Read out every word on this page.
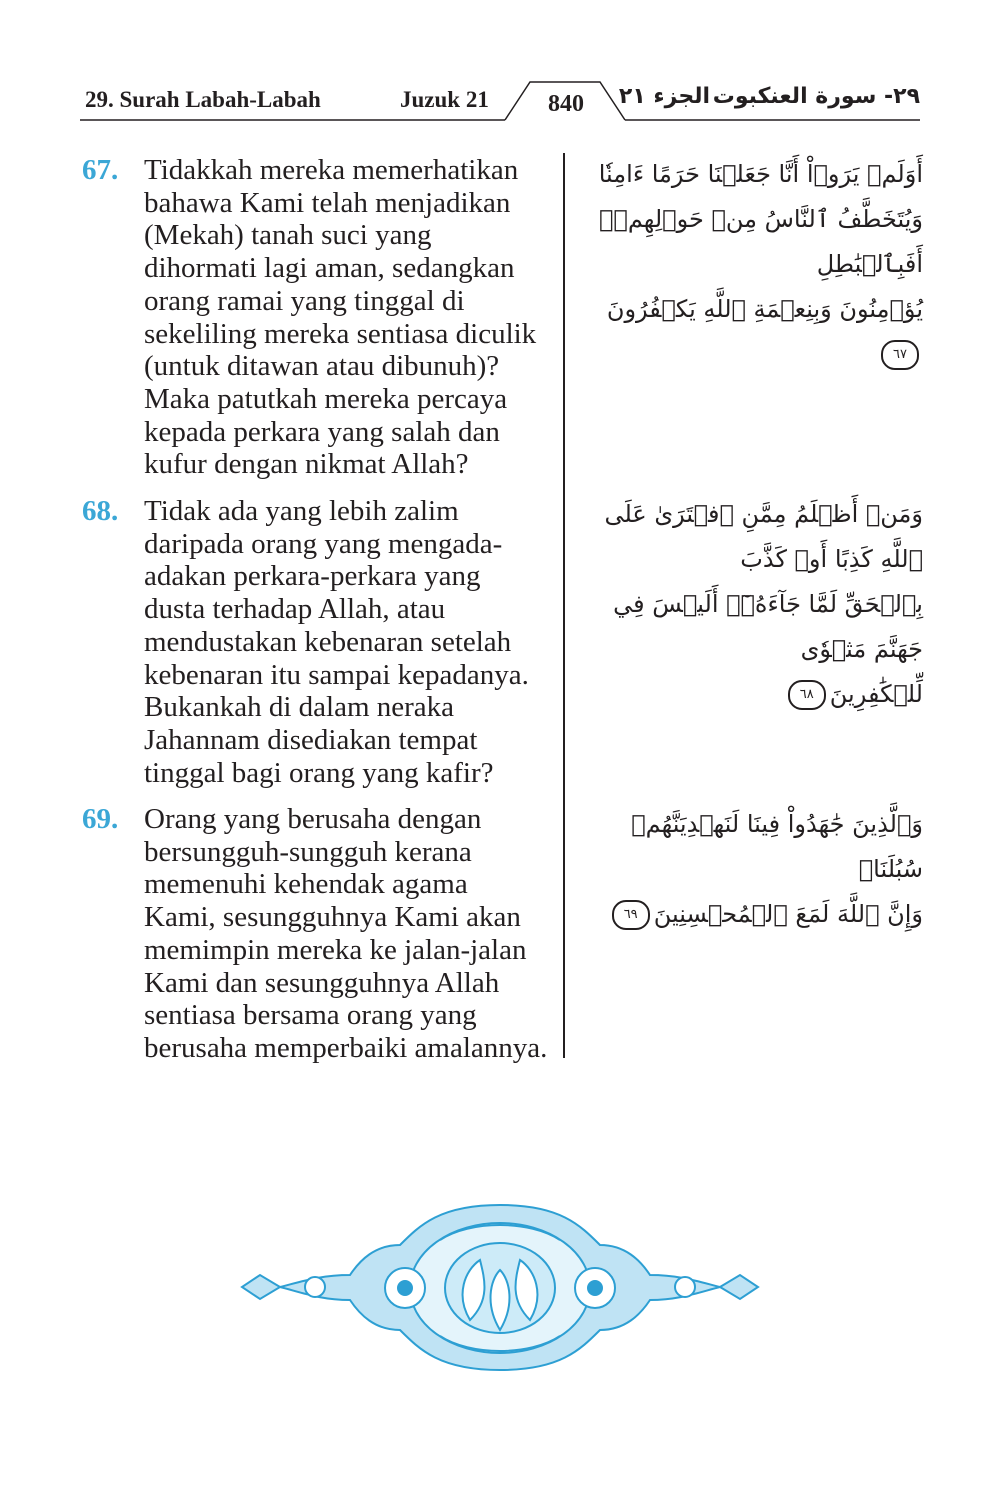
29. Surah Labah-Labah	Juzuk 21	840	الجزء ٢١ ٢٩- سورة العنكبوت
67. Tidakkah mereka memerhatikan
bahawa Kami telah menjadikan
(Mekah) tanah suci yang
dihormati lagi aman, sedangkan
orang ramai yang tinggal di
sekeliling mereka sentiasa diculik
(untuk ditawan atau dibunuh)?
Maka patutkah mereka percaya
kepada perkara yang salah dan
kufur dengan nikmat Allah?
أَوَلَمۡ يَرَوۡاْ أَنَّا جَعَلۡنَا حَرَمًا ءَامِنٗا
وَيُتَخَطَّفُ ٱلنَّاسُ مِنۡ حَوۡلِهِمۡۚ أَفَبِٱلۡبَٰطِلِ
يُؤۡمِنُونَ وَبِنِعۡمَةِ ٱللَّهِ يَكۡفُرُونَ٦٧
68. Tidak ada yang lebih zalim
daripada orang yang mengada-
adakan perkara-perkara yang
dusta terhadap Allah, atau
mendustakan kebenaran setelah
kebenaran itu sampai kepadanya.
Bukankah di dalam neraka
Jahannam disediakan tempat
tinggal bagi orang yang kafir?
وَمَنۡ أَظۡلَمُ مِمَّنِ ٱفۡتَرَىٰ عَلَى ٱللَّهِ كَذِبًا أَوۡ كَذَّبَ
بِٱلۡحَقِّ لَمَّا جَآءَهُۥٓۚ أَلَيۡسَ فِي جَهَنَّمَ مَثۡوٗى
لِّلۡكَٰفِرِينَ٦٨
69. Orang yang berusaha dengan
bersungguh-sungguh kerana
memenuhi kehendak agama
Kami, sesungguhnya Kami akan
memimpin mereka ke jalan-jalan
Kami dan sesungguhnya Allah
sentiasa bersama orang yang
berusaha memperbaiki amalannya.
وَٱلَّذِينَ جَٰهَدُواْ فِينَا لَنَهۡدِيَنَّهُمۡ سُبُلَنَاۚ
وَإِنَّ ٱللَّهَ لَمَعَ ٱلۡمُحۡسِنِينَ٦٩
